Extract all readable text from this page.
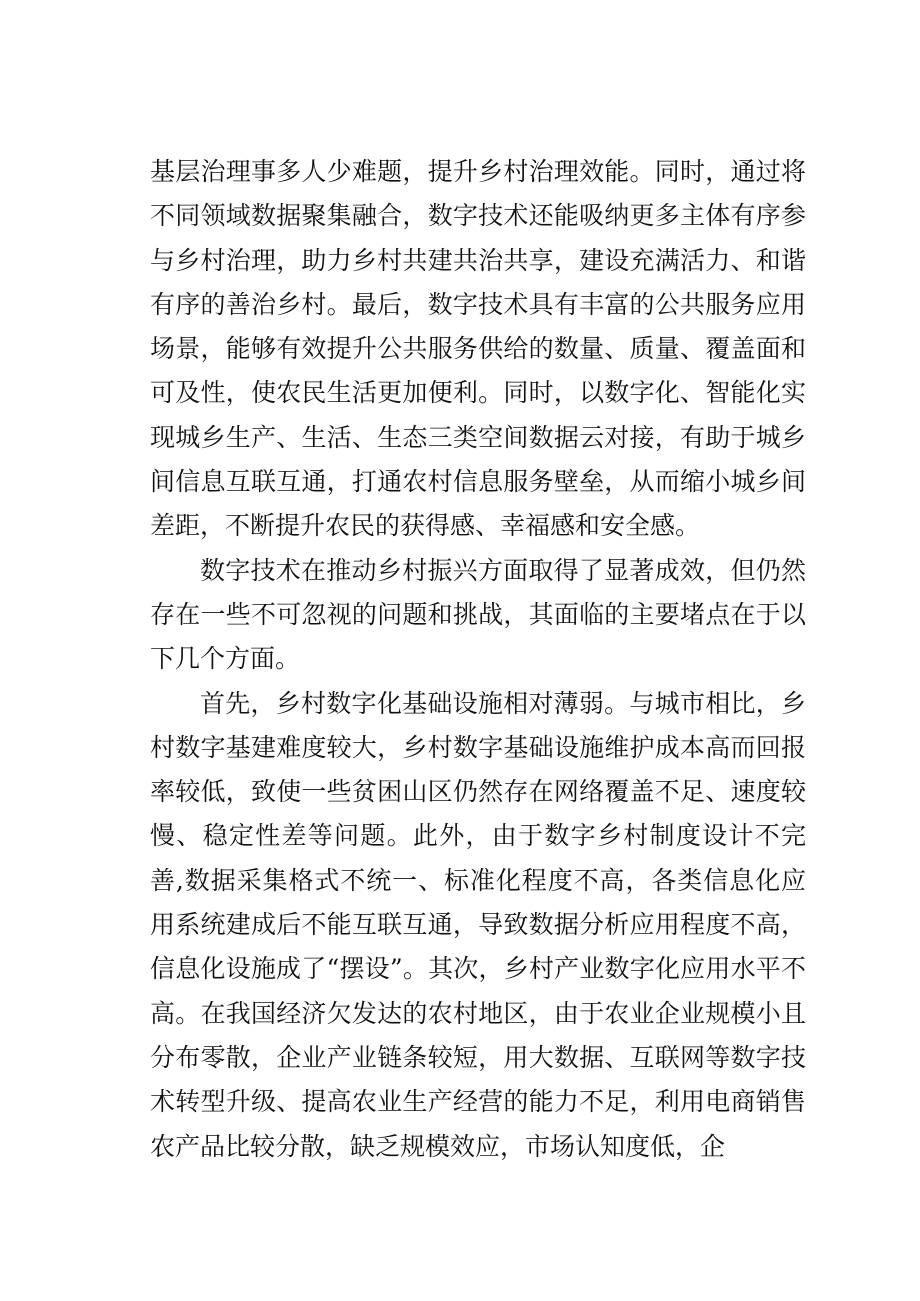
基层治理事多人少难题，提升乡村治理效能。同时，通过将不同领域数据聚集融合，数字技术还能吸纳更多主体有序参与乡村治理，助力乡村共建共治共享，建设充满活力、和谐有序的善治乡村。最后，数字技术具有丰富的公共服务应用场景，能够有效提升公共服务供给的数量、质量、覆盖面和可及性，使农民生活更加便利。同时，以数字化、智能化实现城乡生产、生活、生态三类空间数据云对接，有助于城乡间信息互联互通，打通农村信息服务壁垒，从而缩小城乡间差距，不断提升农民的获得感、幸福感和安全感。

数字技术在推动乡村振兴方面取得了显著成效，但仍然存在一些不可忽视的问题和挑战，其面临的主要堵点在于以下几个方面。

首先，乡村数字化基础设施相对薄弱。与城市相比，乡村数字基建难度较大，乡村数字基础设施维护成本高而回报率较低，致使一些贫困山区仍然存在网络覆盖不足、速度较慢、稳定性差等问题。此外，由于数字乡村制度设计不完善,数据采集格式不统一、标准化程度不高，各类信息化应用系统建成后不能互联互通，导致数据分析应用程度不高，信息化设施成了“摆设”。其次，乡村产业数字化应用水平不高。在我国经济欠发达的农村地区，由于农业企业规模小且分布零散，企业产业链条较短，用大数据、互联网等数字技术转型升级、提高农业生产经营的能力不足，利用电商销售农产品比较分散，缺乏规模效应，市场认知度低，企
